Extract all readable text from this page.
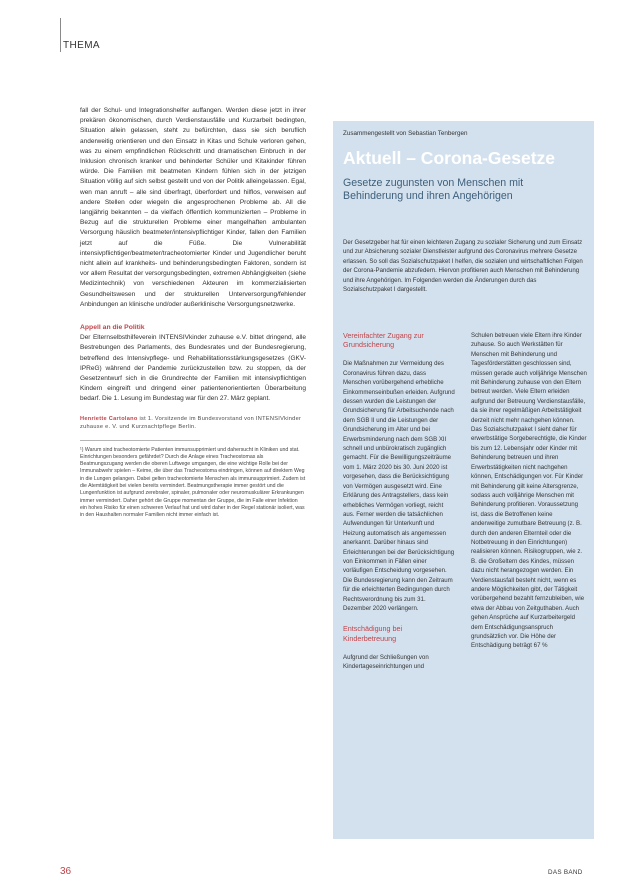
THEMA

fall der Schul- und Integrationshelfer auffangen. Werden diese jetzt in ihrer prekären ökonomischen, durch Verdienstausfälle und Kurzarbeit bedingten, Situation allein gelassen, steht zu befürchten, dass sie sich beruflich anderweitig orientieren und den Einsatz in Kitas und Schule verloren gehen, was zu einem empfindlichen Rückschritt und dramatischen Einbruch in der Inklusion chronisch kranker und behinderter Schüler und Kitakinder führen würde. Die Familien mit beatmeten Kindern fühlen sich in der jetzigen Situation völlig auf sich selbst gestellt und von der Politik alleingelassen. Egal, wen man anruft – alle sind überfragt, überfordert und hilflos, verweisen auf andere Stellen oder wiegeln die angesprochenen Probleme ab. All die langjährig bekannten – da vielfach öffentlich kommunizierten – Probleme in Bezug auf die strukturellen Probleme einer mangelhaften ambulanten Versorgung häuslich beatmeter/intensivpflichtiger Kinder, fallen den Familien jetzt auf die Füße. Die Vulnerabilität intensivpflichtiger/beatmeter/tracheotomierter Kinder und Jugendlicher beruht nicht allein auf krankheits- und behinderungsbedingten Faktoren, sondern ist vor allem Resultat der versorgungsbedingten, extremen Abhängigkeiten (siehe Medizintechnik) von verschiedenen Akteuren im kommerzialisierten Gesundheitswesen und der strukturellen Unterversorgung/fehlender Anbindungen an klinische und/oder außerklinische Versorgungsnetzwerke.

Appell an die Politik

Der Elternselbsthilfeverein INTENSIVkinder zuhause e.V. bittet dringend, alle Bestrebungen des Parlaments, des Bundesrates und der Bundesregierung, betreffend des Intensivpflege- und Rehabilitationsstärkungsgesetzes (GKV-IPReG) während der Pandemie zurückzustellen bzw. zu stoppen, da der Gesetzentwurf sich in die Grundrechte der Familien mit intensivpflichtigen Kindern eingreift und dringend einer patientenorientierten Überarbeitung bedarf. Die 1. Lesung im Bundestag war für den 27. März geplant.

Henriette Cartolano ist 1. Vorsitzende im Bundesvorstand von INTENSIVkinder zuhause e. V. und Kurznachtpflege Berlin.

¹) Warum sind tracheotomierte Patienten immunsupprimiert und dahersucht in Kliniken und stat. Einrichtungen besonders gefährdet? Durch die Anlage eines Tracheostomas als Beatmungszugang werden die oberen Luftwege umgangen, die eine wichtige Rolle bei der Immunabwehr spielen – Keime, die über das Tracheostoma eindringen, können auf direktem Weg in die Lungen gelangen. Dabei gelten tracheotomierte Menschen als immunsupprimiert. Zudem ist die Atemtätigkeit bei vielen bereits vermindert. Beatmungstherapie immer gestört und die Lungenfunktion ist aufgrund zerebraler, spinaler, pulmonaler oder neuromuskulärer Erkrankungen immer vermindert. Daher gehört die Gruppe momentan der Gruppe, die im Falle einer Infektion ein hohes Risiko für einen schweren Verlauf hat und wird daher in der Regel stationär isoliert, was in den Haushalten normaler Familien nicht immer einfach ist.

Zusammengestellt von Sebastian Tenbergen
Aktuell – Corona-Gesetze
Gesetze zugunsten von Menschen mit Behinderung und ihren Angehörigen
Der Gesetzgeber hat für einen leichteren Zugang zu sozialer Sicherung und zum Einsatz und zur Absicherung sozialer Dienstleister aufgrund des Coronavirus mehrere Gesetze erlassen. So soll das Sozialschutzpaket I helfen, die sozialen und wirtschaftlichen Folgen der Corona-Pandemie abzufedern. Hiervon profitieren auch Menschen mit Behinderung und ihre Angehörigen. Im Folgenden werden die Änderungen durch das Sozialschutzpaket I dargestellt.
Vereinfachter Zugang zur Grundsicherung

Die Maßnahmen zur Vermeidung des Coronavirus führen dazu, dass Menschen vorübergehend erhebliche Einkommenseinbußen erleiden. Aufgrund dessen wurden die Leistungen der Grundsicherung für Arbeitsuchende nach dem SGB II und die Leistungen der Grundsicherung im Alter und bei Erwerbsminderung nach dem SGB XII schnell und unbürokratisch zugänglich gemacht. Für die Bewilligungszeiträume vom 1. März 2020 bis 30. Juni 2020 ist vorgesehen, dass die Berücksichtigung von Vermögen ausgesetzt wird. Eine Erklärung des Antragstellers, dass kein erhebliches Vermögen vorliegt, reicht aus. Ferner werden die tatsächlichen Aufwendungen für Unterkunft und Heizung automatisch als angemessen anerkannt. Darüber hinaus sind Erleichterungen bei der Berücksichtigung von Einkommen in Fällen einer vorläufigen Entscheidung vorgesehen. Die Bundesregierung kann den Zeitraum für die erleichterten Bedingungen durch Rechtsverordnung bis zum 31. Dezember 2020 verlängern.

Entschädigung bei Kinderbetreuung

Aufgrund der Schließungen von Kindertageseinrichtungen und

Schulen betreuen viele Eltern ihre Kinder zuhause. So auch Werkstätten für Menschen mit Behinderung und Tagesförderstätten geschlossen sind, müssen gerade auch volljährige Menschen mit Behinderung zuhause von den Eltern betreut werden. Viele Eltern erleiden aufgrund der Betreuung Verdienstausfälle, da sie ihrer regelmäßigen Arbeitstätigkeit derzeit nicht mehr nachgehen können. Das Sozialschutzpaket I sieht daher für erwerbstätige Sorgeberechtigte, die Kinder bis zum 12. Lebensjahr oder Kinder mit Behinderung betreuen und ihren Erwerbstätigkeiten nicht nachgehen können, Entschädigungen vor. Für Kinder mit Behinderung gilt keine Altersgrenze, sodass auch volljährige Menschen mit Behinderung profitieren. Voraussetzung ist, dass die Betroffenen keine anderweitige zumutbare Betreuung (z. B. durch den anderen Elternteil oder die Notbetreuung in den Einrichtungen) realisieren können. Risikogruppen, wie z. B. die Großeltern des Kindes, müssen dazu nicht herangezogen werden. Ein Verdienstausfall besteht nicht, wenn es andere Möglichkeiten gibt, der Tätigkeit vorübergehend bezahlt fernzubleiben, wie etwa der Abbau von Zeitguthaben. Auch gehen Ansprüche auf Kurzarbeitergeld dem Entschädigungsanspruch grundsätzlich vor. Die Höhe der Entschädigung beträgt 67 %

36	DAS BAND
